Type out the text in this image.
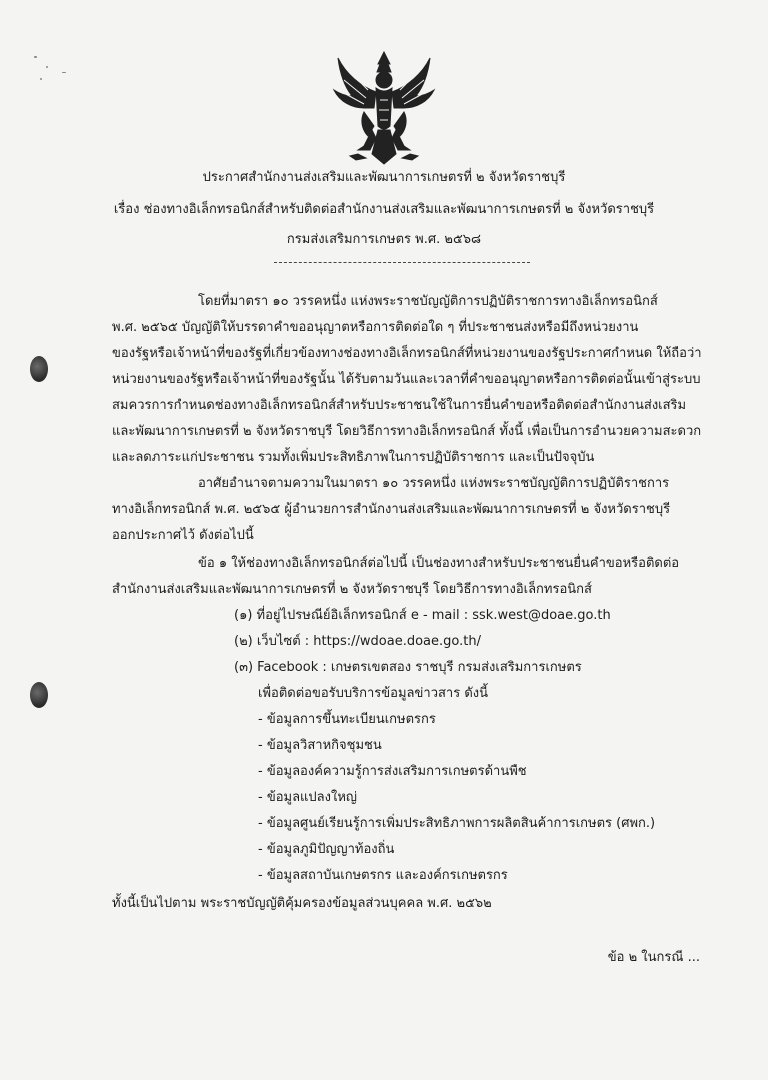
ประกาศสำนักงานส่งเสริมและพัฒนาการเกษตรที่ ๒ จังหวัดราชบุรี
เรื่อง ช่องทางอิเล็กทรอนิกส์สำหรับติดต่อสำนักงานส่งเสริมและพัฒนาการเกษตรที่ ๒ จังหวัดราชบุรี
กรมส่งเสริมการเกษตร พ.ศ. ๒๕๖๘
โดยที่มาตรา ๑๐ วรรคหนึ่ง แห่งพระราชบัญญัติการปฏิบัติราชการทางอิเล็กทรอนิกส์
พ.ศ. ๒๕๖๕ บัญญัติให้บรรดาคำขออนุญาตหรือการติดต่อใด ๆ ที่ประชาชนส่งหรือมีถึงหน่วยงาน
ของรัฐหรือเจ้าหน้าที่ของรัฐที่เกี่ยวข้องทางช่องทางอิเล็กทรอนิกส์ที่หน่วยงานของรัฐประกาศกำหนด ให้ถือว่า
หน่วยงานของรัฐหรือเจ้าหน้าที่ของรัฐนั้น ได้รับตามวันและเวลาที่คำขออนุญาตหรือการติดต่อนั้นเข้าสู่ระบบ
สมควรการกำหนดช่องทางอิเล็กทรอนิกส์สำหรับประชาชนใช้ในการยื่นคำขอหรือติดต่อสำนักงานส่งเสริม
และพัฒนาการเกษตรที่ ๒ จังหวัดราชบุรี โดยวิธีการทางอิเล็กทรอนิกส์ ทั้งนี้ เพื่อเป็นการอำนวยความสะดวก
และลดภาระแก่ประชาชน รวมทั้งเพิ่มประสิทธิภาพในการปฏิบัติราชการ และเป็นปัจจุบัน
อาศัยอำนาจตามความในมาตรา ๑๐ วรรคหนึ่ง แห่งพระราชบัญญัติการปฏิบัติราชการ
ทางอิเล็กทรอนิกส์ พ.ศ. ๒๕๖๕ ผู้อำนวยการสำนักงานส่งเสริมและพัฒนาการเกษตรที่ ๒ จังหวัดราชบุรี
ออกประกาศไว้ ดังต่อไปนี้
ข้อ ๑ ให้ช่องทางอิเล็กทรอนิกส์ต่อไปนี้ เป็นช่องทางสำหรับประชาชนยื่นคำขอหรือติดต่อ
สำนักงานส่งเสริมและพัฒนาการเกษตรที่ ๒ จังหวัดราชบุรี โดยวิธีการทางอิเล็กทรอนิกส์
(๑) ที่อยู่ไปรษณีย์อิเล็กทรอนิกส์ e - mail : ssk.west@doae.go.th
(๒) เว็บไซต์ : https://wdoae.doae.go.th/
(๓) Facebook : เกษตรเขตสอง ราชบุรี กรมส่งเสริมการเกษตร
เพื่อติดต่อขอรับบริการข้อมูลข่าวสาร ดังนี้
- ข้อมูลการขึ้นทะเบียนเกษตรกร
- ข้อมูลวิสาหกิจชุมชน
- ข้อมูลองค์ความรู้การส่งเสริมการเกษตรด้านพืช
- ข้อมูลแปลงใหญ่
- ข้อมูลศูนย์เรียนรู้การเพิ่มประสิทธิภาพการผลิตสินค้าการเกษตร (ศพก.)
- ข้อมูลภูมิปัญญาท้องถิ่น
- ข้อมูลสถาบันเกษตรกร และองค์กรเกษตรกร
ทั้งนี้เป็นไปตาม พระราชบัญญัติคุ้มครองข้อมูลส่วนบุคคล พ.ศ. ๒๕๖๒
ข้อ ๒ ในกรณี ...
